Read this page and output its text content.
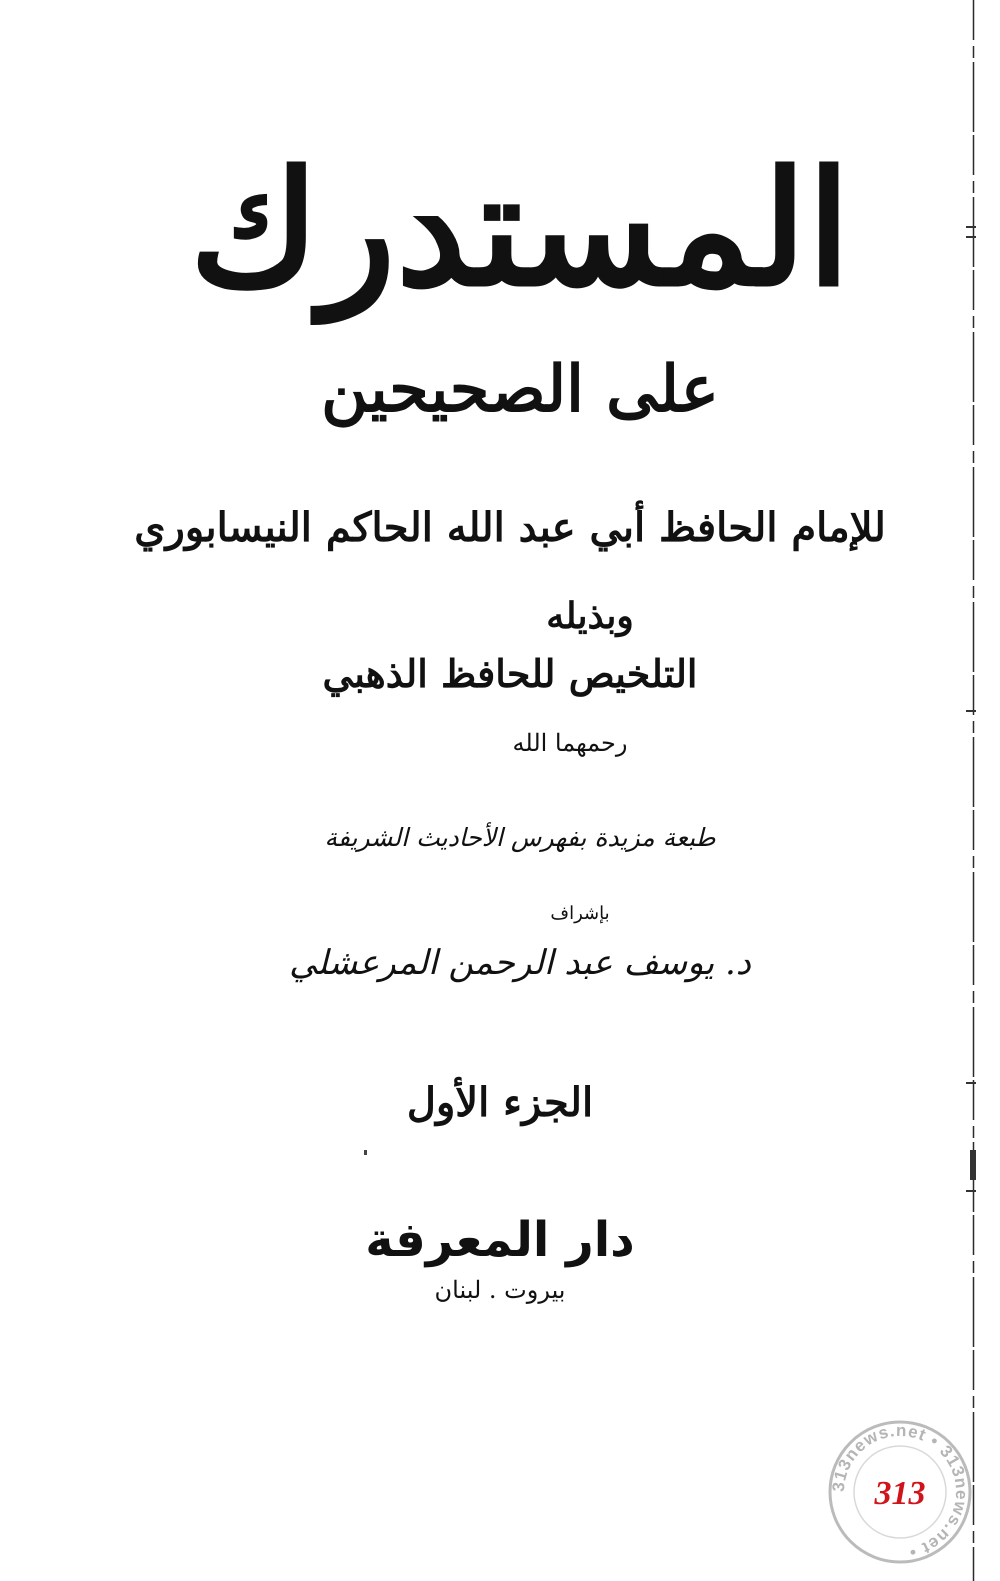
المستدرك
على الصحيحين
للإمام الحافظ أبي عبد الله الحاكم النيسابوري
وبذيله
التلخيص للحافظ الذهبي
رحمهما الله
طبعة مزيدة بفهرس الأحاديث الشريفة
بإشراف
د. يوسف عبد الرحمن المرعشلي
الجزء الأول
دار المعرفة
بيروت . لبنان
313news.net • 313news.net •
313
